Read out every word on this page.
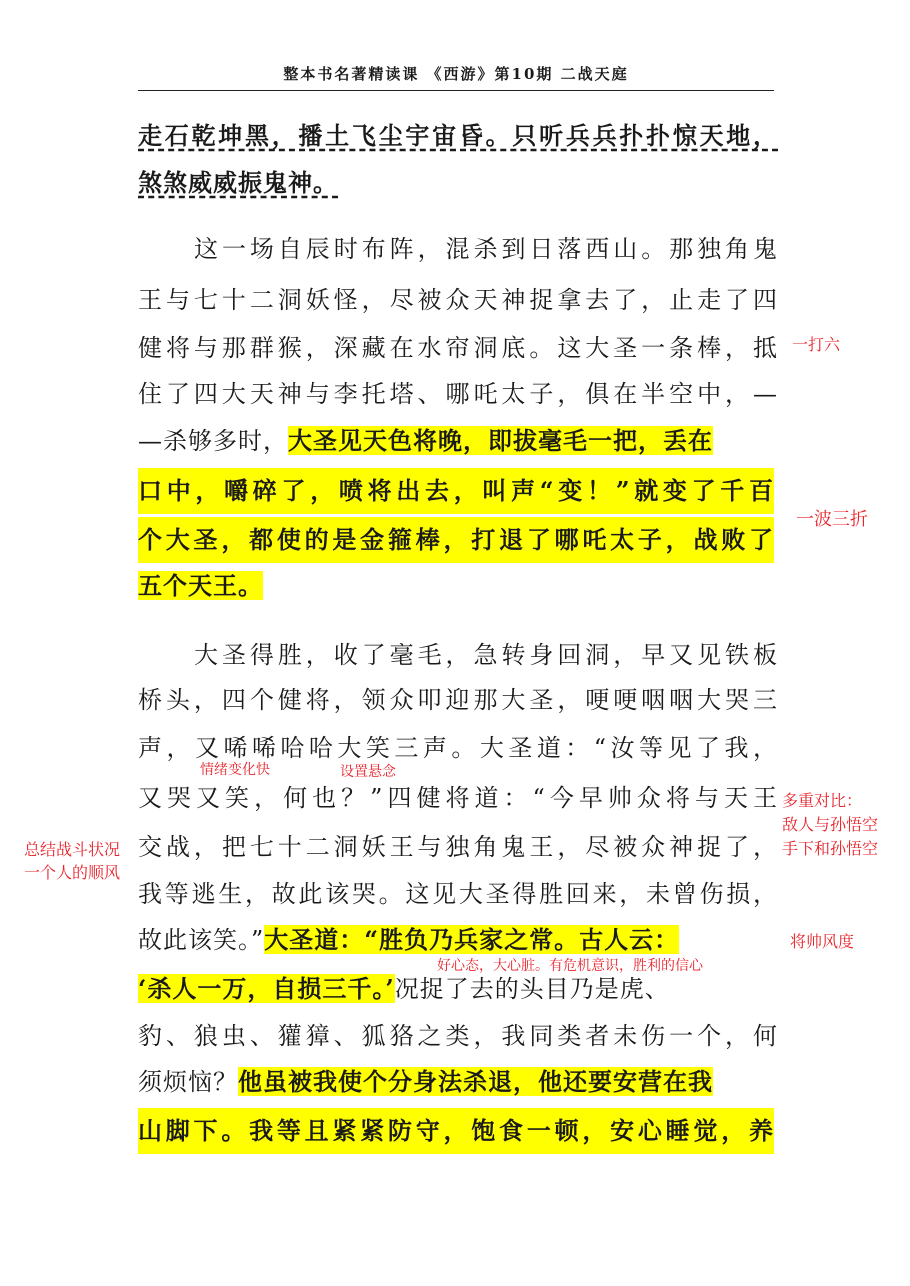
整本书名著精读课 《西游》第10期 二战天庭
走石乾坤黑，播土飞尘宇宙昏。只听兵兵扑扑惊天地，
煞煞威威振鬼神。
这一场自辰时布阵，混杀到日落西山。那独角鬼
王与七十二洞妖怪，尽被众天神捉拿去了，止走了四
健将与那群猴，深藏在水帘洞底。这大圣一条棒，抵
住了四大天神与李托塔、哪吒太子，俱在半空中，—
—杀够多时，大圣见天色将晚，即拔毫毛一把，丢在
口中，嚼碎了，喷将出去，叫声“变！”就变了千百
个大圣，都使的是金箍棒，打退了哪吒太子，战败了
五个天王。
大圣得胜，收了毫毛，急转身回洞，早又见铁板
桥头，四个健将，领众叩迎那大圣，哽哽咽咽大哭三
声，又唏唏哈哈大笑三声。大圣道：“汝等见了我，
又哭又笑，何也？”四健将道：“今早帅众将与天王
交战，把七十二洞妖王与独角鬼王，尽被众神捉了，
我等逃生，故此该哭。这见大圣得胜回来，未曾伤损，
故此该笑。”大圣道：“胜负乃兵家之常。古人云：
‘杀人一万，自损三千。’况捉了去的头目乃是虎、
豹、狼虫、獾獐、狐狢之类，我同类者未伤一个，何
须烦恼？他虽被我使个分身法杀退，他还要安营在我
山脚下。我等且紧紧防守，饱食一顿，安心睡觉，养
一打六
一波三折
情绪变化快	设置悬念
多重对比：
敌人与孙悟空
手下和孙悟空
总结战斗状况
一个人的顺风
将帅风度
好心态，大心脏。有危机意识，胜利的信心
